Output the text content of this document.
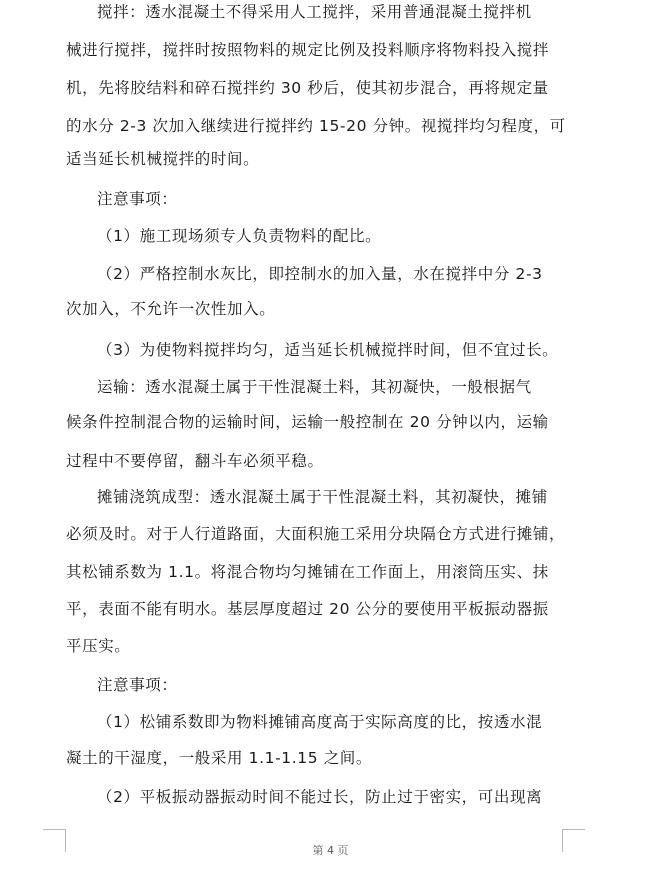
搅拌：透水混凝土不得采用人工搅拌，采用普通混凝土搅拌机
械进行搅拌，搅拌时按照物料的规定比例及投料顺序将物料投入搅拌
机，先将胶结料和碎石搅拌约 30 秒后，使其初步混合，再将规定量
的水分 2-3 次加入继续进行搅拌约 15-20 分钟。视搅拌均匀程度，可
适当延长机械搅拌的时间。
注意事项：
（1）施工现场须专人负责物料的配比。
（2）严格控制水灰比，即控制水的加入量，水在搅拌中分 2-3
次加入，不允许一次性加入。
（3）为使物料搅拌均匀，适当延长机械搅拌时间，但不宜过长。
运输：透水混凝土属于干性混凝土料，其初凝快，一般根据气
候条件控制混合物的运输时间，运输一般控制在 20 分钟以内，运输
过程中不要停留，翻斗车必须平稳。
摊铺浇筑成型：透水混凝土属于干性混凝土料，其初凝快，摊铺
必须及时。对于人行道路面，大面积施工采用分块隔仓方式进行摊铺，
其松铺系数为 1.1。将混合物均匀摊铺在工作面上，用滚筒压实、抹
平，表面不能有明水。基层厚度超过 20 公分的要使用平板振动器振
平压实。
注意事项：
（1）松铺系数即为物料摊铺高度高于实际高度的比，按透水混
凝土的干湿度，一般采用 1.1-1.15 之间。
（2）平板振动器振动时间不能过长，防止过于密实，可出现离
第 4 页
